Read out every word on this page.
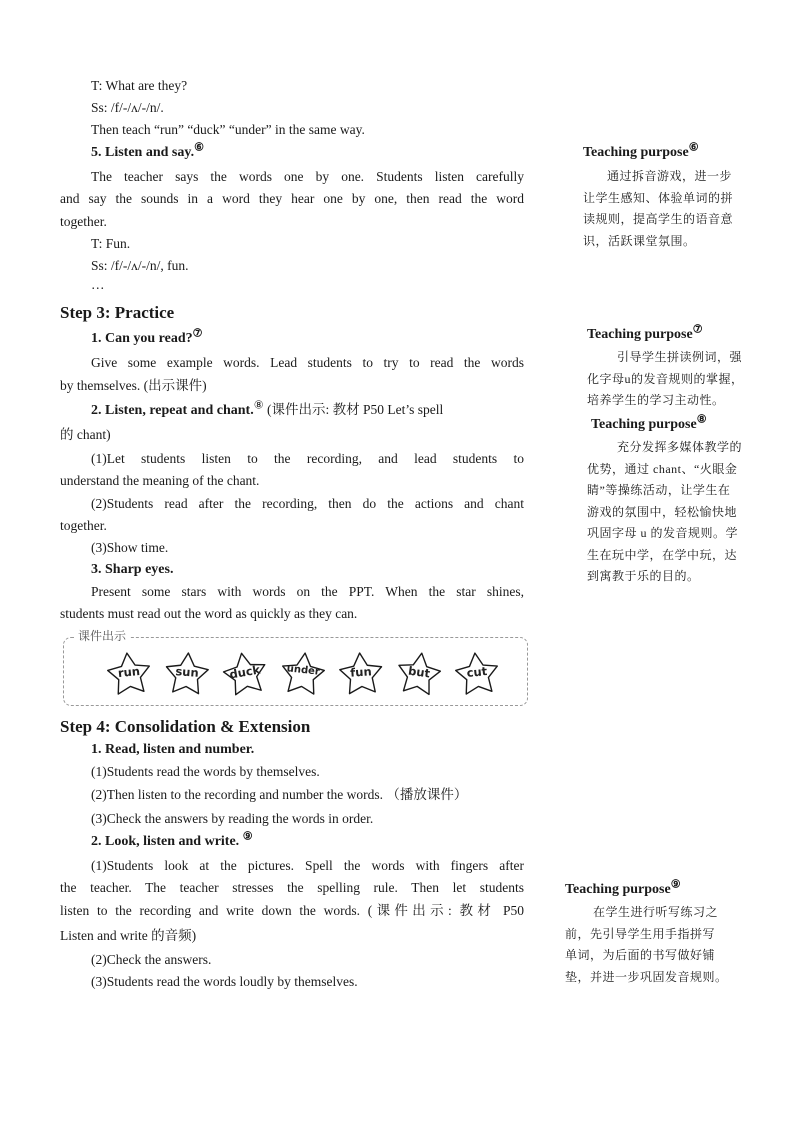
T: What are they?
Ss: /f/-/ʌ/-/n/.
Then teach “run” “duck” “under” in the same way.
5. Listen and say.⑥
The teacher says the words one by one. Students listen carefully
and say the sounds in a word they hear one by one, then read the word
together.
T: Fun.
Ss: /f/-/ʌ/-/n/, fun.
…
Step 3: Practice
1. Can you read?⑦
Give some example words. Lead students to try to read the words
by themselves. (出示课件)
2. Listen, repeat and chant.⑧ (课件出示: 教材 P50 Let’s spell
的 chant)
(1)Let students listen to the recording, and lead students to
understand the meaning of the chant.
(2)Students read after the recording, then do the actions and chant
together.
(3)Show time.
3. Sharp eyes.
Present some stars with words on the PPT. When the star shines,
students must read out the word as quickly as they can.
课件出示
run	sun	duck	under	fun	but	cut
Step 4: Consolidation & Extension
1. Read, listen and number.
(1)Students read the words by themselves.
(2)Then listen to the recording and number the words. （播放课件）
(3)Check the answers by reading the words in order.
2. Look, listen and write. ⑨
(1)Students look at the pictures. Spell the words with fingers after
the teacher. The teacher stresses the spelling rule. Then let students
listen to the recording and write down the words. (课件出示: 教材 P50
Listen and write 的音频)
(2)Check the answers.
(3)Students read the words loudly by themselves.
Teaching purpose⑥
通过拆音游戏，进一步
让学生感知、体验单词的拼
读规则，提高学生的语音意
识，活跃课堂氛围。
Teaching purpose⑦
引导学生拼读例词，强
化字母u的发音规则的掌握，
培养学生的学习主动性。
Teaching purpose⑧
充分发挥多媒体教学的
优势，通过 chant、“火眼金
睛”等操练活动，让学生在
游戏的氛围中，轻松愉快地
巩固字母 u 的发音规则。学
生在玩中学，在学中玩，达
到寓教于乐的目的。
Teaching purpose⑨
在学生进行听写练习之
前，先引导学生用手指拼写
单词，为后面的书写做好铺
垫，并进一步巩固发音规则。
